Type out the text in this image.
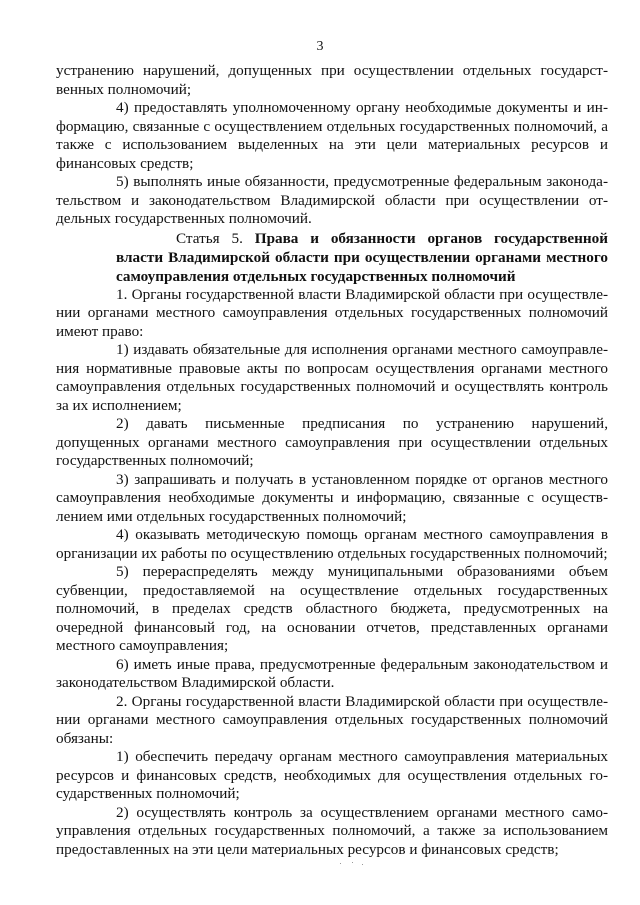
3

устранению нарушений, допущенных при осуществлении отдельных государственных полномочий;

4) предоставлять уполномоченному органу необходимые документы и информацию, связанные с осуществлением отдельных государственных полномочий, а также с использованием выделенных на эти цели материальных ресурсов и финансовых средств;

5) выполнять иные обязанности, предусмотренные федеральным законодательством и законодательством Владимирской области при осуществлении отдельных государственных полномочий.

Статья 5. Права и обязанности органов государственной власти Владимирской области при осуществлении органами местного самоуправления отдельных государственных полномочий

1. Органы государственной власти Владимирской области при осуществлении органами местного самоуправления отдельных государственных полномочий имеют право:

1) издавать обязательные для исполнения органами местного самоуправления нормативные правовые акты по вопросам осуществления органами местного самоуправления отдельных государственных полномочий и осуществлять контроль за их исполнением;

2) давать письменные предписания по устранению нарушений, допущенных органами местного самоуправления при осуществлении отдельных государственных полномочий;

3) запрашивать и получать в установленном порядке от органов местного самоуправления необходимые документы и информацию, связанные с осуществлением ими отдельных государственных полномочий;

4) оказывать методическую помощь органам местного самоуправления в организации их работы по осуществлению отдельных государственных полномочий;

5) перераспределять между муниципальными образованиями объем субвенции, предоставляемой на осуществление отдельных государственных полномочий, в пределах средств областного бюджета, предусмотренных на очередной финансовый год, на основании отчетов, представленных органами местного самоуправления;

6) иметь иные права, предусмотренные федеральным законодательством и законодательством Владимирской области.

2. Органы государственной власти Владимирской области при осуществлении органами местного самоуправления отдельных государственных полномочий обязаны:

1) обеспечить передачу органам местного самоуправления материальных ресурсов и финансовых средств, необходимых для осуществления отдельных государственных полномочий;

2) осуществлять контроль за осуществлением органами местного самоуправления отдельных государственных полномочий, а также за использованием предоставленных на эти цели материальных ресурсов и финансовых средств;
